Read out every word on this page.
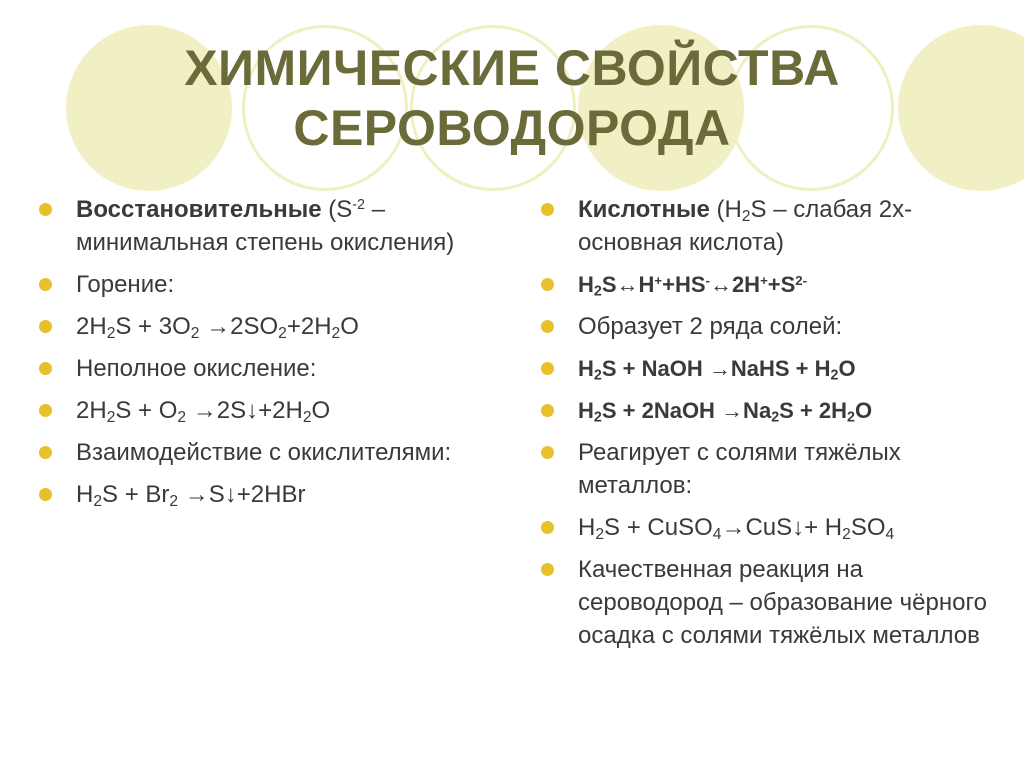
ХИМИЧЕСКИЕ СВОЙСТВА
СЕРОВОДОРОДА
Восстановительные ($S^{-2}$ – минимальная степень окисления)
Горение:
$2H_2S + 3O_2 \to 2SO_2+2H_2O$
Неполное окисление:
$2H_2S + O_2$ $\to 2S↓+2H_2O$
Взаимодействие с окислителями:
$H_2S + Br_2$ →S↓+2HBr
Кислотные ($H_2S$ – слабая 2х-основная кислота)
$H_2S\leftrightarrow H^++HS^-\leftrightarrow 2H^++S^{2-}$
Образует 2 ряда солей:
$H_2S$ + NaOH →NaHS + $H_2O$
$H_2S$ + 2NaOH $\to Na_2S + 2H_2O$
Реагирует с солями тяжёлых металлов:
$H_2S$ + CuSO$_4$→CuS↓+ $H_2SO_4$
Качественная реакция на сероводород – образование чёрного осадка с солями тяжёлых металлов
